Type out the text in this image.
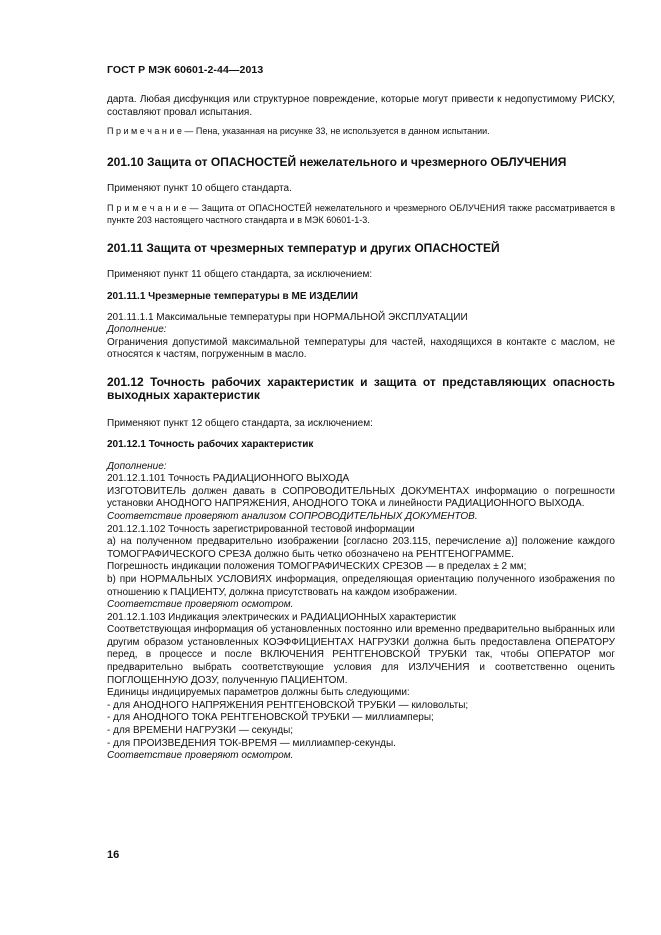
ГОСТ Р МЭК 60601-2-44—2013

дарта. Любая дисфункция или структурное повреждение, которые могут привести к недопустимому РИСКУ, составляют провал испытания.

П р и м е ч а н и е — Пена, указанная на рисунке 33, не используется в данном испытании.

201.10 Защита от ОПАСНОСТЕЙ нежелательного и чрезмерного ОБЛУЧЕНИЯ

Применяют пункт 10 общего стандарта.

П р и м е ч а н и е — Защита от ОПАСНОСТЕЙ нежелательного и чрезмерного ОБЛУЧЕНИЯ также рассматривается в пункте 203 настоящего частного стандарта и в МЭК 60601-1-3.

201.11 Защита от чрезмерных температур и других ОПАСНОСТЕЙ

Применяют пункт 11 общего стандарта, за исключением:

201.11.1 Чрезмерные температуры в МЕ ИЗДЕЛИИ

201.11.1.1 Максимальные температуры при НОРМАЛЬНОЙ ЭКСПЛУАТАЦИИ

Дополнение:

Ограничения допустимой максимальной температуры для частей, находящихся в контакте с маслом, не относятся к частям, погруженным в масло.

201.12 Точность рабочих характеристик и защита от представляющих опасность выходных характеристик

Применяют пункт 12 общего стандарта, за исключением:

201.12.1 Точность рабочих характеристик

Дополнение:

201.12.1.101 Точность РАДИАЦИОННОГО ВЫХОДА

ИЗГОТОВИТЕЛЬ должен давать в СОПРОВОДИТЕЛЬНЫХ ДОКУМЕНТАХ информацию о погрешности установки АНОДНОГО НАПРЯЖЕНИЯ, АНОДНОГО ТОКА и линейности РАДИАЦИОННОГО ВЫХОДА.

Соответствие проверяют анализом СОПРОВОДИТЕЛЬНЫХ ДОКУМЕНТОВ.

201.12.1.102 Точность зарегистрированной тестовой информации

а) на полученном предварительно изображении [согласно 203.115, перечисление а)] положение каждого ТОМОГРАФИЧЕСКОГО СРЕЗА должно быть четко обозначено на РЕНТГЕНОГРАММЕ.

Погрешность индикации положения ТОМОГРАФИЧЕСКИХ СРЕЗОВ — в пределах ± 2 мм;

b) при НОРМАЛЬНЫХ УСЛОВИЯХ информация, определяющая ориентацию полученного изображения по отношению к ПАЦИЕНТУ, должна присутствовать на каждом изображении.

Соответствие проверяют осмотром.

201.12.1.103 Индикация электрических и РАДИАЦИОННЫХ характеристик

Соответствующая информация об установленных постоянно или временно предварительно выбранных или другим образом установленных КОЭФФИЦИЕНТАХ НАГРУЗКИ должна быть предоставлена ОПЕРАТОРУ перед, в процессе и после ВКЛЮЧЕНИЯ РЕНТГЕНОВСКОЙ ТРУБКИ так, чтобы ОПЕРАТОР мог предварительно выбрать соответствующие условия для ИЗЛУЧЕНИЯ и соответственно оценить ПОГЛОЩЕННУЮ ДОЗУ, полученную ПАЦИЕНТОМ.

Единицы индицируемых параметров должны быть следующими:

- для АНОДНОГО НАПРЯЖЕНИЯ РЕНТГЕНОВСКОЙ ТРУБКИ — киловольты;

- для АНОДНОГО ТОКА РЕНТГЕНОВСКОЙ ТРУБКИ — миллиамперы;

- для ВРЕМЕНИ НАГРУЗКИ — секунды;

- для ПРОИЗВЕДЕНИЯ ТОК-ВРЕМЯ — миллиампер-секунды.

Соответствие проверяют осмотром.

16
